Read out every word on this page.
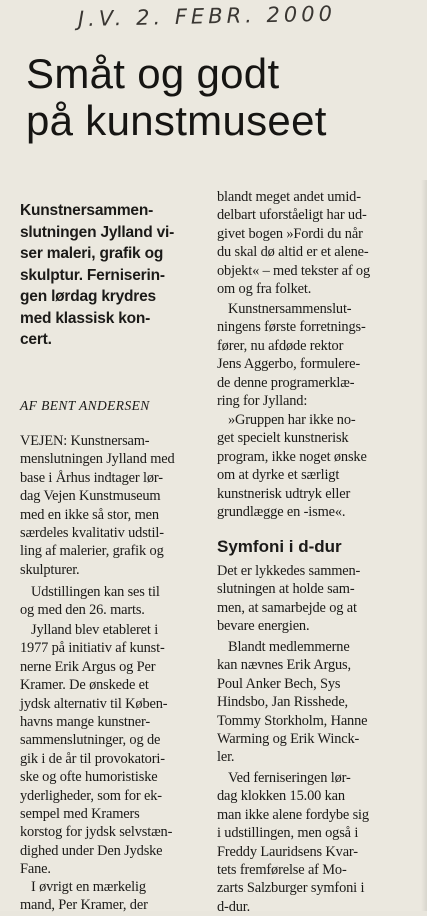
J.V. 2. FEBR. 2000
Småt og godt
på kunstmuseet

Kunstnersammen-
slutningen Jylland vi-
ser maleri, grafik og
skulptur. Ferniserin-
gen lørdag krydres
med klassisk kon-
cert.

AF BENT ANDERSEN

VEJEN: Kunstnersam-
menslutningen Jylland med
base i Århus indtager lør-
dag Vejen Kunstmuseum
med en ikke så stor, men
særdeles kvalitativ udstil-
ling af malerier, grafik og
skulpturer.

Udstillingen kan ses til
og med den 26. marts.

Jylland blev etableret i
1977 på initiativ af kunst-
nerne Erik Argus og Per
Kramer. De ønskede et
jydsk alternativ til Køben-
havns mange kunstner-
sammenslutninger, og de
gik i de år til provokatori-
ske og ofte humoristiske
yderligheder, som for ek-
sempel med Kramers
korstog for jydsk selvstæn-
dighed under Den Jydske
Fane.

I øvrigt en mærkelig
mand, Per Kramer, der

blandt meget andet umid-
delbart uforståeligt har ud-
givet bogen »Fordi du når
du skal dø altid er et alene-
objekt« – med tekster af og
om og fra folket.

Kunstnersammenslut-
ningens første forretnings-
fører, nu afdøde rektor
Jens Aggerbo, formulere-
de denne programerklæ-
ring for Jylland:

»Gruppen har ikke no-
get specielt kunstnerisk
program, ikke noget ønske
om at dyrke et særligt
kunstnerisk udtryk eller
grundlægge en -isme«.

Symfoni i d-dur

Det er lykkedes sammen-
slutningen at holde sam-
men, at samarbejde og at
bevare energien.

Blandt medlemmerne
kan nævnes Erik Argus,
Poul Anker Bech, Sys
Hindsbo, Jan Risshede,
Tommy Storkholm, Hanne
Warming og Erik Winck-
ler.

Ved ferniseringen lør-
dag klokken 15.00 kan
man ikke alene fordybe sig
i udstillingen, men også i
Freddy Lauridsens Kvar-
tets fremførelse af Mo-
zarts Salzburger symfoni i
d-dur.
